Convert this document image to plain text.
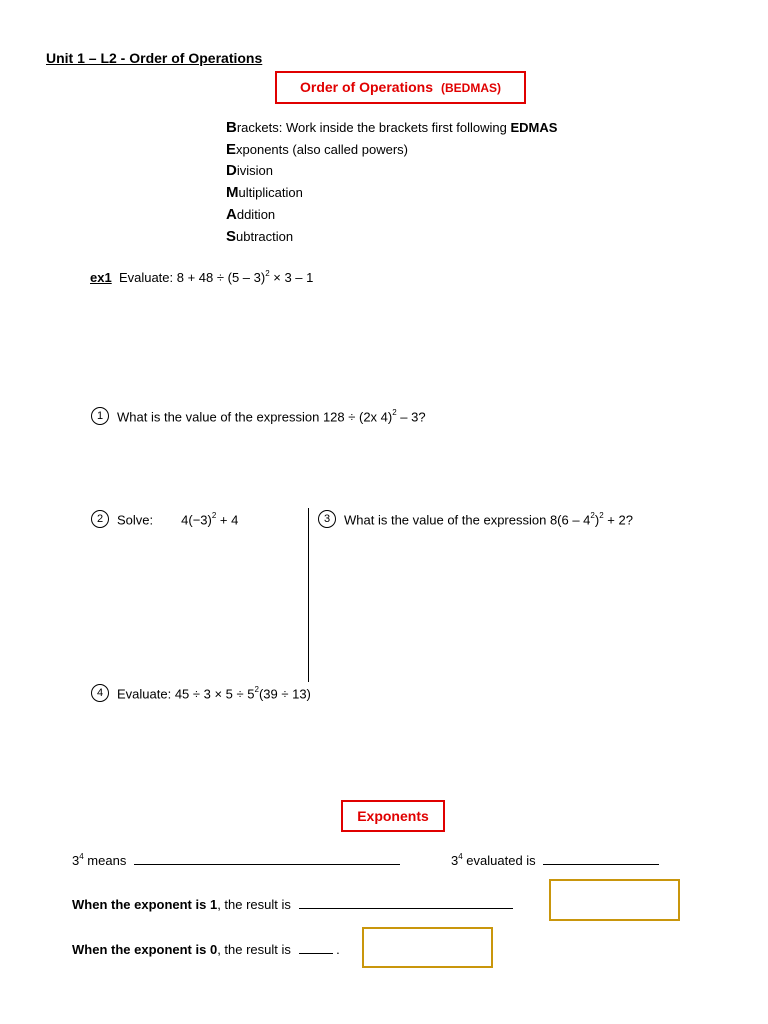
Unit 1 – L2 - Order of Operations
Order of Operations (BEDMAS)
Brackets: Work inside the brackets first following EDMAS
Exponents (also called powers)
Division
Multiplication
Addition
Subtraction
ex1 Evaluate: 8 + 48 ÷ (5 – 3)$^2$ × 3 – 1
1 What is the value of the expression 128 ÷ (2x 4)$^2$ – 3?
2 Solve: $4(-3)^2 + 4$	3 What is the value of the expression $8(6 - 4^2)^2 + 2$?
4 Evaluate: $45 \div 3 \times 5 \div 5^2(39 \div 13)$
Exponents
$3^4$ means	$3^4$ evaluated is
When the exponent is 1, the result is
When the exponent is 0, the result is	.
